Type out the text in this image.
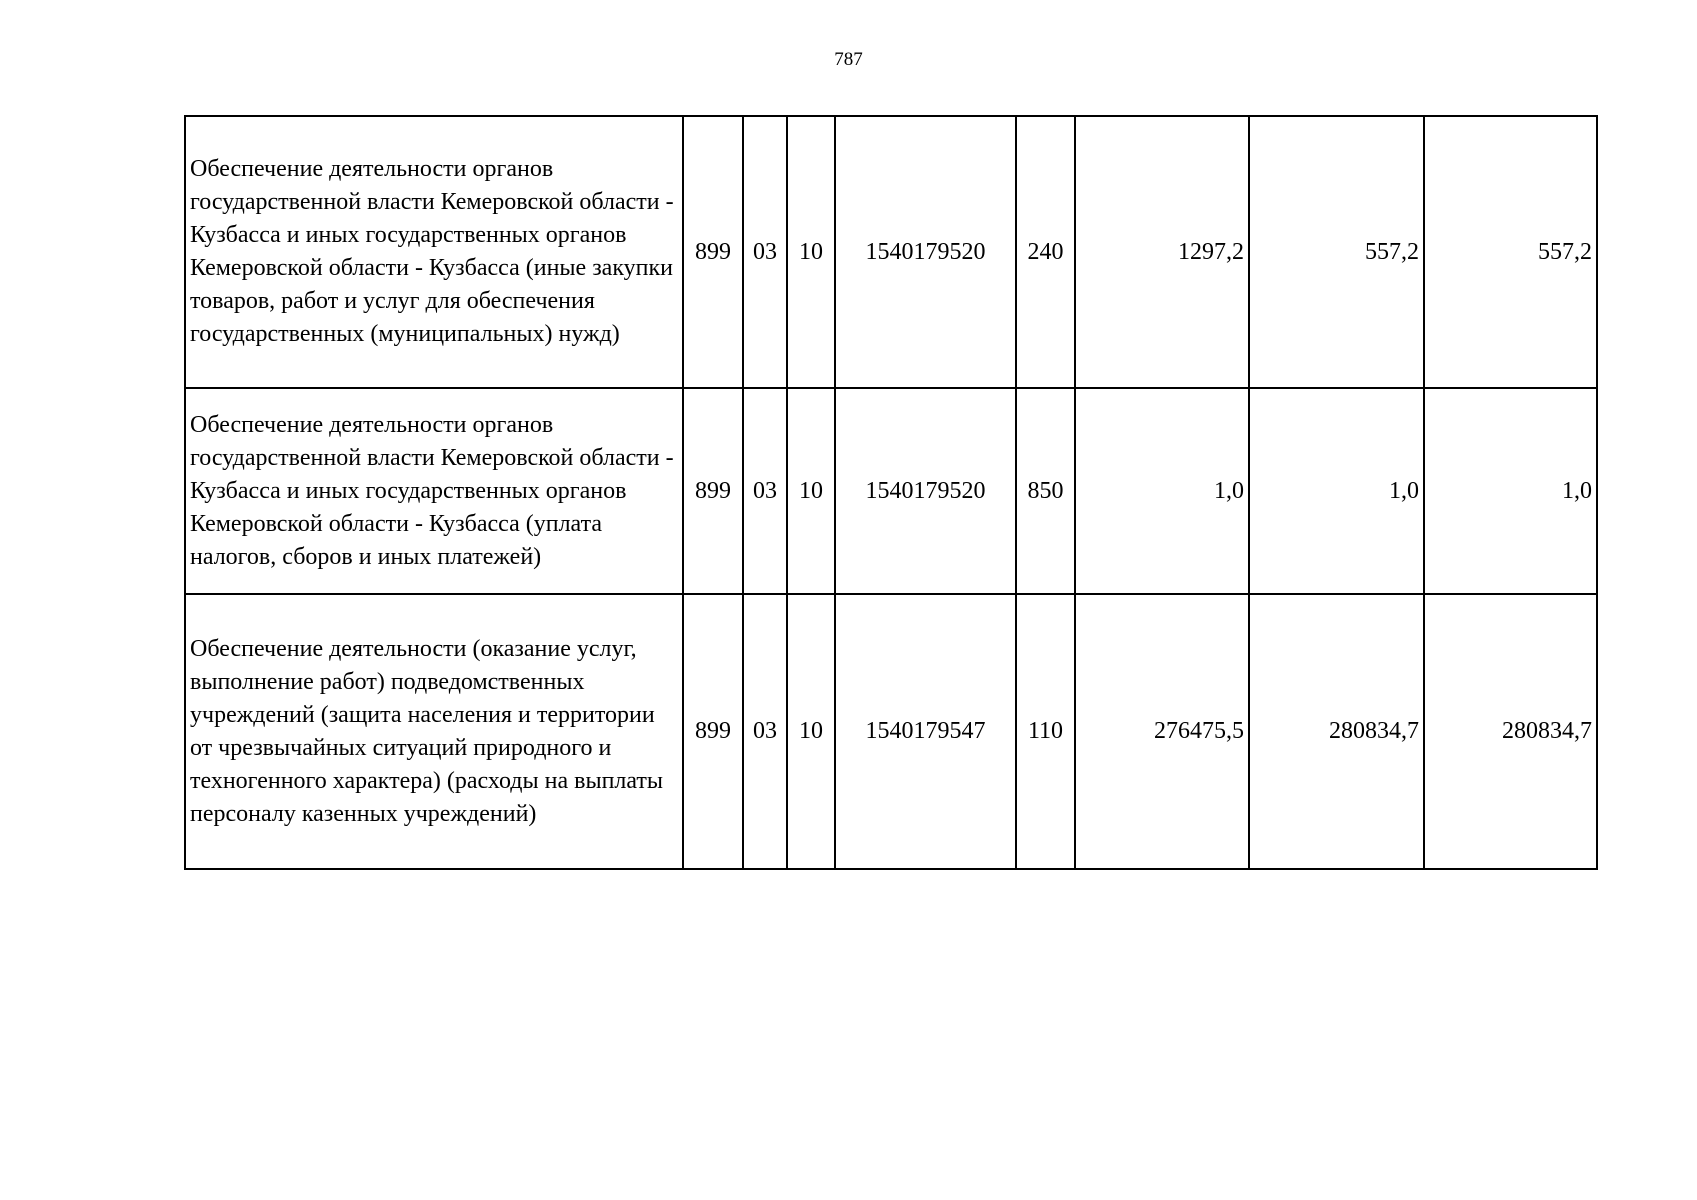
787
Обеспечение деятельности органов государственной власти Кемеровской области - Кузбасса и иных государственных органов Кемеровской области - Кузбасса (иные закупки товаров, работ и услуг для обеспечения государственных (муниципальных) нужд)	899	03	10	1540179520	240	1297,2	557,2	557,2
Обеспечение деятельности органов государственной власти Кемеровской области - Кузбасса и иных государственных органов Кемеровской области - Кузбасса (уплата налогов, сборов и иных платежей)	899	03	10	1540179520	850	1,0	1,0	1,0
Обеспечение деятельности (оказание услуг, выполнение работ) подведомственных учреждений (защита населения и территории от чрезвычайных ситуаций природного и техногенного характера) (расходы на выплаты персоналу казенных учреждений)	899	03	10	1540179547	110	276475,5	280834,7	280834,7
